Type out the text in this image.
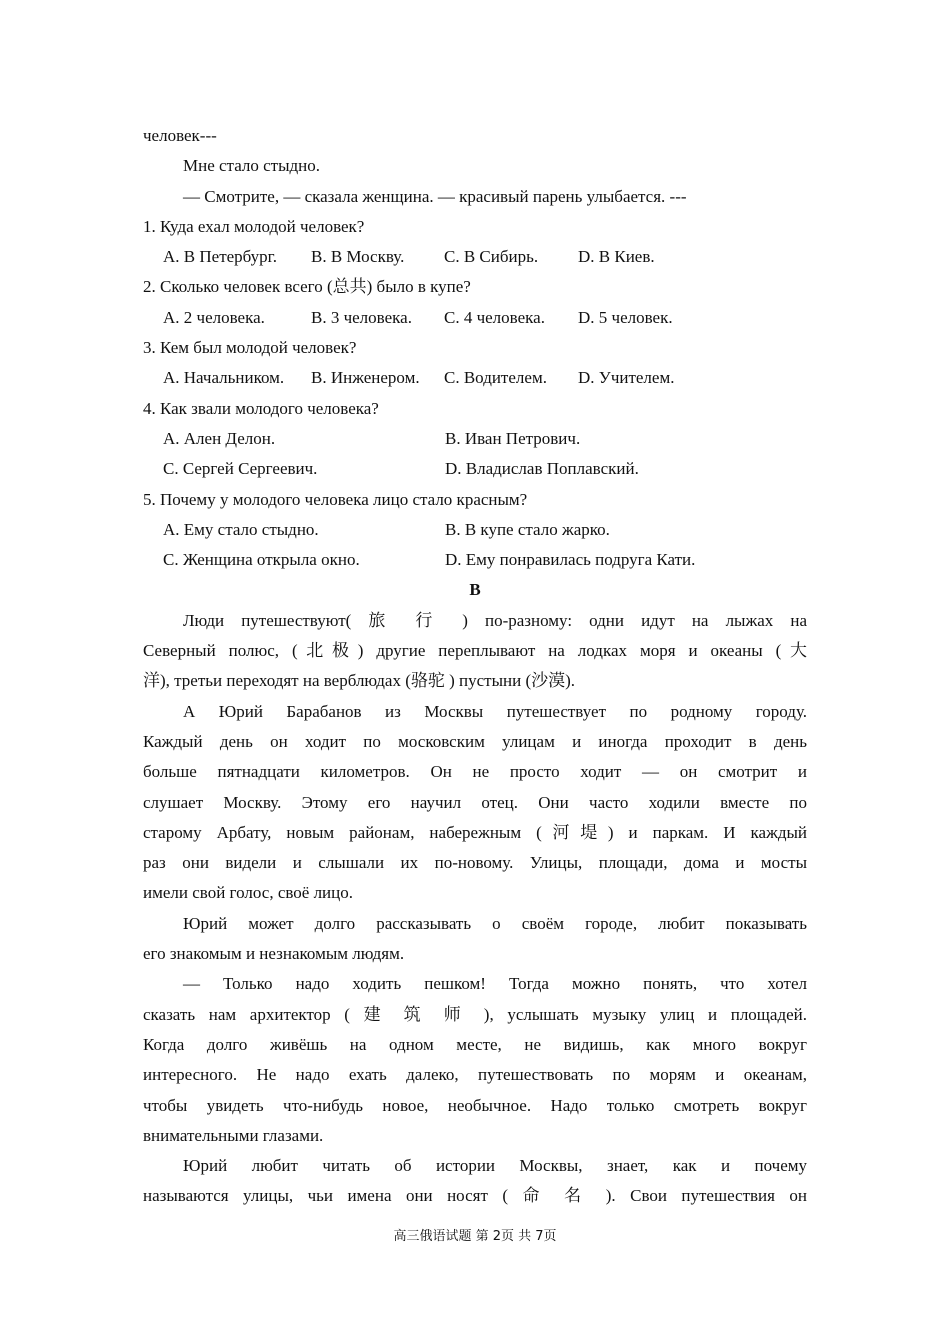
человек---
Мне стало стыдно.
— Смотрите, — сказала женщина. — красивый парень улыбается. ---
1. Куда ехал молодой человек?
A. В Петербург. B. В Москву. C. В Сибирь. D. В Киев.
2. Сколько человек всего (总共) было в купе?
A. 2 человека.	B. 3 человека. C. 4 человека. D. 5 человек.
3. Кем был молодой человек?
A. Начальником. B. Инженером. C. Водителем. D. Учителем.
4. Как звали молодого человека?
A. Ален Делон.	B. Иван Петрович.
C. Сергей Сергеевич.	D. Владислав Поплавский.
5. Почему у молодого человека лицо стало красным?
A. Ему стало стыдно.	B. В купе стало жарко.
C. Женщина открыла окно.	D. Ему понравилась подруга Кати.
B
Люди путешествуют( 旅 行 ) по-разному: одни идут на лыжах на
Северный полюс, (北极) другие переплывают на лодках моря и океаны (大
洋), третьи переходят на верблюдах (骆驼 ) пустыни (沙漠).
А Юрий Барабанов из Москвы путешествует по родному городу.
Каждый день он ходит по московским улицам и иногда проходит в день
больше пятнадцати километров. Он не просто ходит — он смотрит и
слушает Москву. Этому его научил отец. Они часто ходили вместе по
старому Арбату, новым районам, набережным (河堤) и паркам. И каждый
раз они видели и слышали их по-новому. Улицы, площади, дома и мосты
имели свой голос, своё лицо.
Юрий может долго рассказывать о своём городе, любит показывать
его знакомым и незнакомым людям.
— Только надо ходить пешком! Тогда можно понять, что хотел
сказать нам архитектор ( 建 筑 师 ), услышать музыку улиц и площадей.
Когда долго живёшь на одном месте, не видишь, как много вокруг
интересного. Не надо ехать далеко, путешествовать по морям и океанам,
чтобы увидеть что-нибудь новое, необычное. Надо только смотреть вокруг
внимательными глазами.
Юрий любит читать об истории Москвы, знает, как и почему
называются улицы, чьи имена они носят ( 命 名 ). Свои путешествия он
高三俄语试题 第 2页 共 7页
